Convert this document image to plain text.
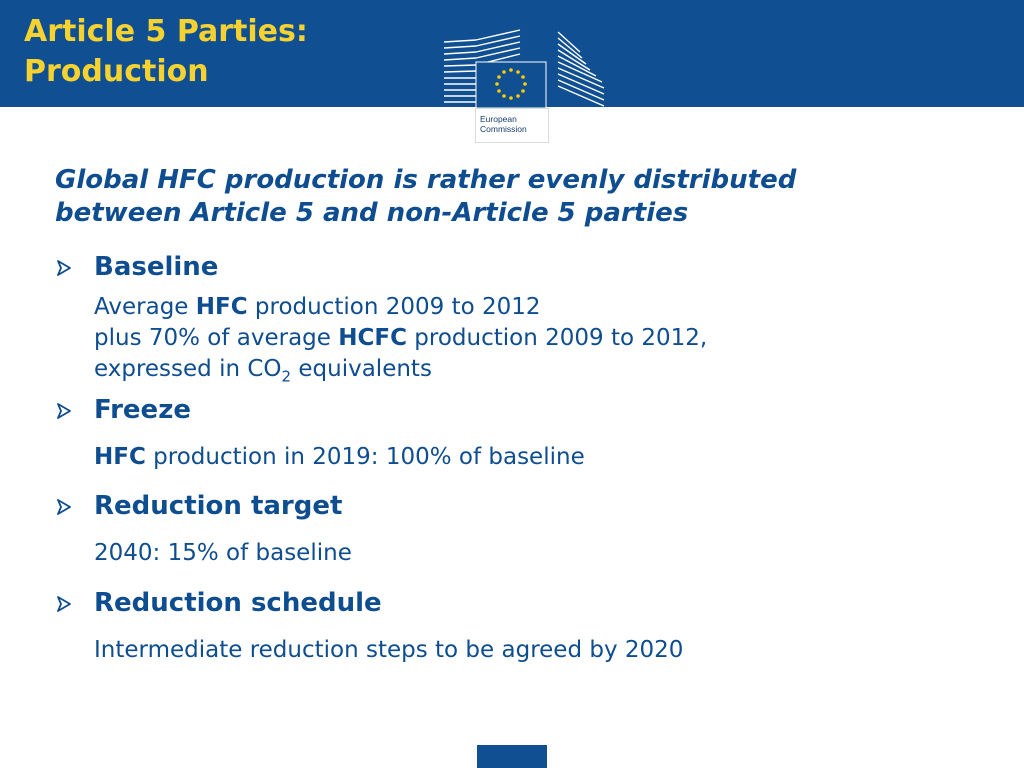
Article 5 Parties:
Production
European
Commission
Global HFC production is rather evenly distributed
between Article 5 and non-Article 5 parties
Baseline
Average HFC production 2009 to 2012
plus 70% of average HCFC production 2009 to 2012,
expressed in $CO_2$ equivalents
Freeze
HFC production in 2019: 100% of baseline
Reduction target
2040: 15% of baseline
Reduction schedule
Intermediate reduction steps to be agreed by 2020
